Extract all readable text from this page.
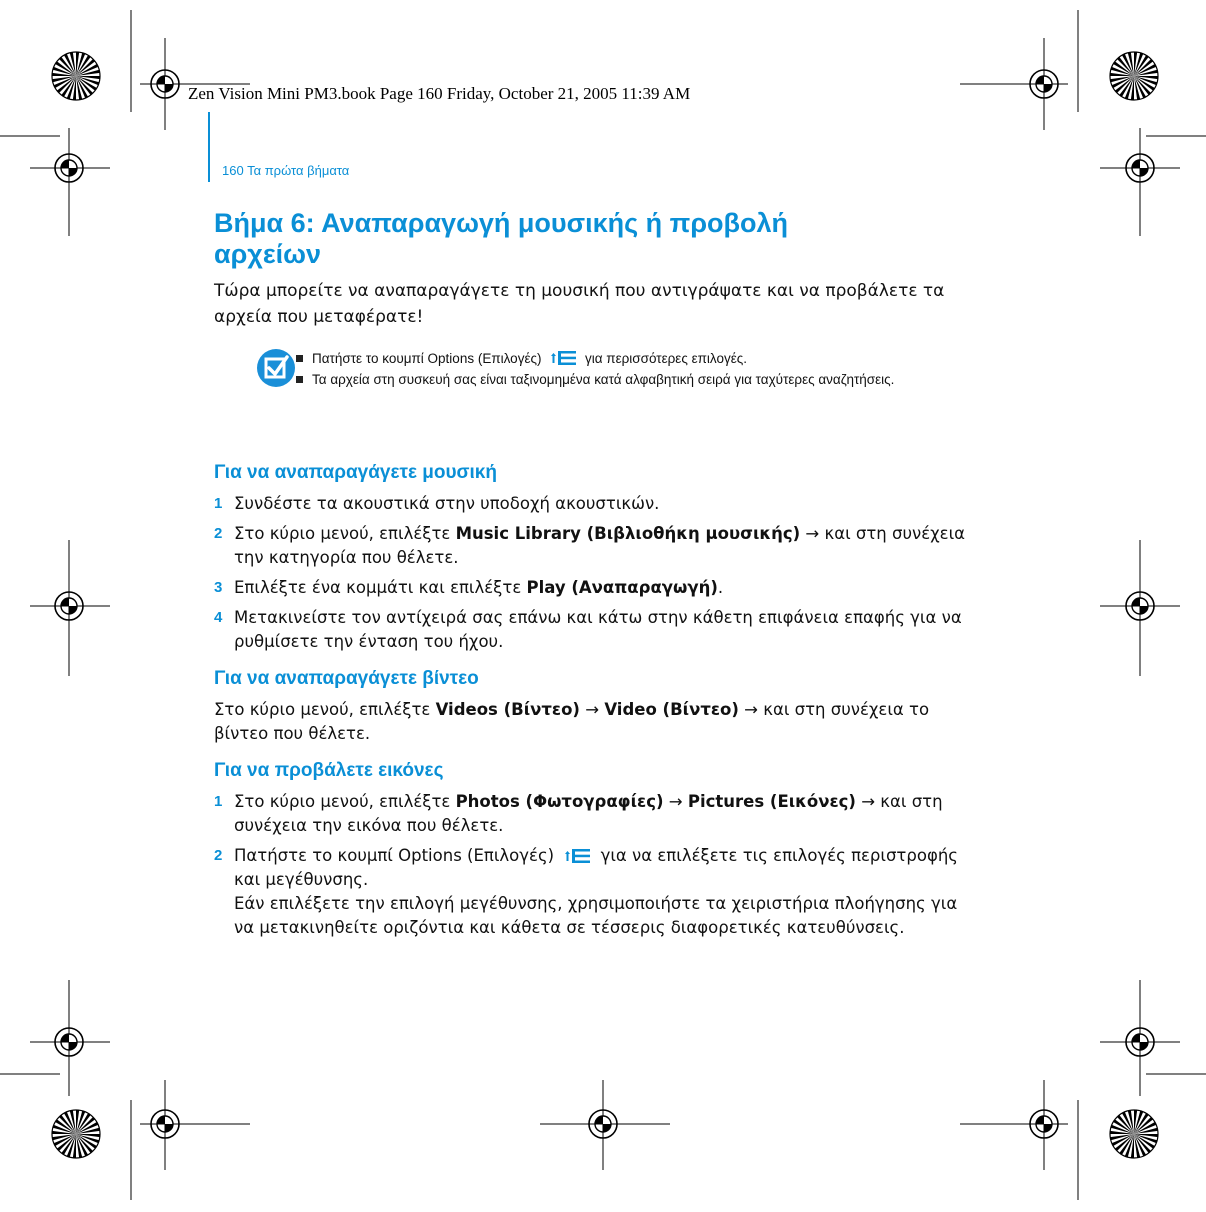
Zen Vision Mini PM3.book Page 160 Friday, October 21, 2005 11:39 AM
160 Τα πρώτα βήματα
Βήμα 6: Αναπαραγωγή μουσικής ή προβολή αρχείων

Τώρα μπορείτε να αναπαραγάγετε τη μουσική που αντιγράψατε και να προβάλετε τα αρχεία που μεταφέρατε!

Πατήστε το κουμπί Options (Επιλογές)	για περισσότερες επιλογές.
Τα αρχεία στη συσκευή σας είναι ταξινομημένα κατά αλφαβητική σειρά για ταχύτερες αναζητήσεις.
Για να αναπαραγάγετε μουσική
1 Συνδέστε τα ακουστικά στην υποδοχή ακουστικών.
2 Στο κύριο μενού, επιλέξτε Music Library (Βιβλιοθήκη μουσικής) → και στη συνέχεια την κατηγορία που θέλετε.
3 Επιλέξτε ένα κομμάτι και επιλέξτε Play (Αναπαραγωγή).
4 Μετακινείστε τον αντίχειρά σας επάνω και κάτω στην κάθετη επιφάνεια επαφής για να ρυθμίσετε την ένταση του ήχου.
Για να αναπαραγάγετε βίντεο

Στο κύριο μενού, επιλέξτε Videos (Βίντεο) → Video (Βίντεο) → και στη συνέχεια το βίντεο που θέλετε.

Για να προβάλετε εικόνες
1 Στο κύριο μενού, επιλέξτε Photos (Φωτογραφίες) → Pictures (Εικόνες) → και στη συνέχεια την εικόνα που θέλετε.
2 Πατήστε το κουμπί Options (Επιλογές)  για να επιλέξετε τις επιλογές περιστροφής και μεγέθυνσης.
Εάν επιλέξετε την επιλογή μεγέθυνσης, χρησιμοποιήστε τα χειριστήρια πλοήγησης για να μετακινηθείτε οριζόντια και κάθετα σε τέσσερις διαφορετικές κατευθύνσεις.
